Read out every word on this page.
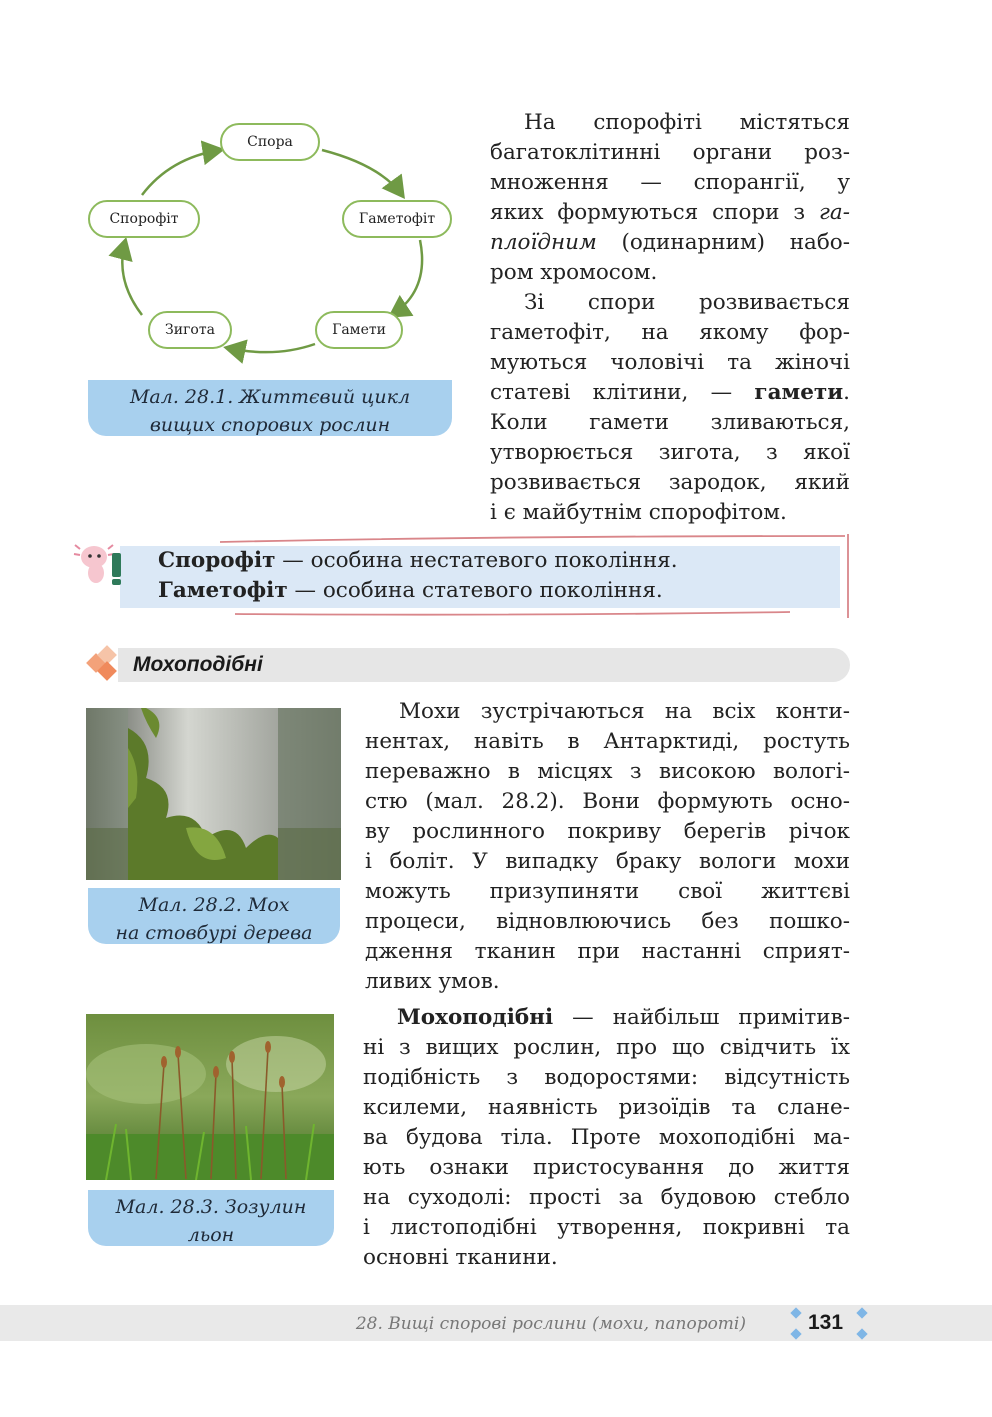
Спора
Гаметофіт
Гамети
Зигота
Спорофіт
Мал. 28.1. Життєвий цикл
вищих спорових рослин
На спорофіті містяться
багатоклітинні органи роз-
множення — спорангії, у
яких формуються спори з га-
плоїдним (одинарним) набо-
ром хромосом.
Зі спори розвивається
гаметофіт, на якому фор-
муються чоловічі та жіночі
статеві клітини, — гамети.
Коли гамети зливаються,
утворюється зигота, з якої
розвивається зародок, який
і є майбутнім спорофітом.
Спорофіт — особина нестатевого покоління.
Гаметофіт — особина статевого покоління.
Мохоподібні
Мал. 28.2. Мох
на стовбурі дерева
Мал. 28.3. Зозулин
льон
Мохи зустрічаються на всіх конти-
нентах, навіть в Антарктиді, ростуть
переважно в місцях з високою вологі-
стю (мал. 28.2). Вони формують осно-
ву рослинного покриву берегів річок
і боліт. У випадку браку вологи мохи
можуть призупиняти свої життєві
процеси, відновлюючись без пошко-
дження тканин при настанні сприят-
ливих умов.
Мохоподібні — найбільш примітив-
ні з вищих рослин, про що свідчить їх
подібність з водоростями: відсутність
ксилеми, наявність ризоїдів та слане-
ва будова тіла. Проте мохоподібні ма-
ють ознаки пристосування до життя
на суходолі: прості за будовою стебло
і листоподібні утворення, покривні та
основні тканини.
28. Вищі спорові рослини (мохи, папороті)	131
